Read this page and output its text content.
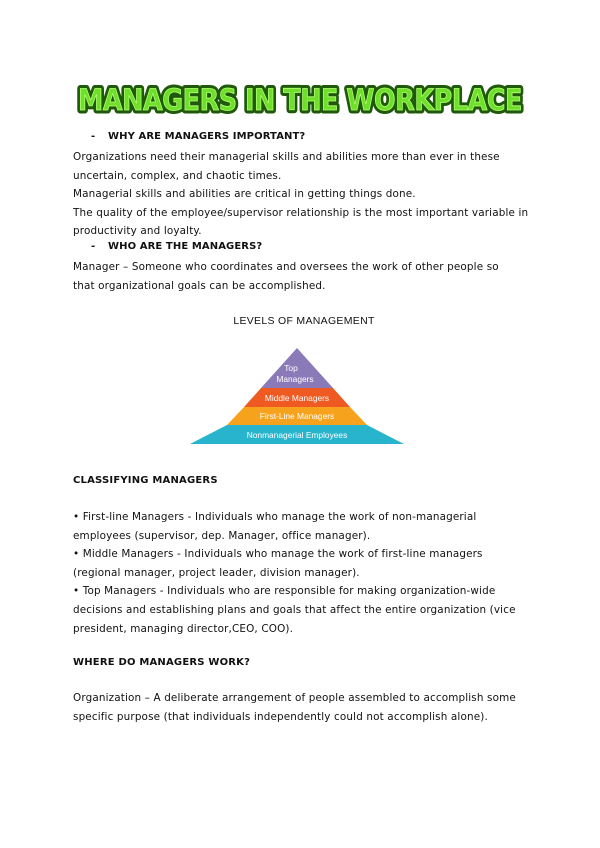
MANAGERS IN THE WORKPLACE
MANAGERS IN THE WORKPLACE
- WHY ARE MANAGERS IMPORTANT?
Organizations need their managerial skills and abilities more than ever in these
uncertain, complex, and chaotic times.
Managerial skills and abilities are critical in getting things done.
The quality of the employee/supervisor relationship is the most important variable in
productivity and loyalty.
- WHO ARE THE MANAGERS?
Manager – Someone who coordinates and oversees the work of other people so
that organizational goals can be accomplished.
LEVELS OF MANAGEMENT
Top
Managers
Middle Managers
First-Line Managers
Nonmanagerial Employees
CLASSIFYING MANAGERS
• First-line Managers - Individuals who manage the work of non-managerial
employees (supervisor, dep. Manager, office manager).
• Middle Managers - Individuals who manage the work of first-line managers
(regional manager, project leader, division manager).
• Top Managers - Individuals who are responsible for making organization-wide
decisions and establishing plans and goals that affect the entire organization (vice
president, managing director,CEO, COO).
WHERE DO MANAGERS WORK?
Organization – A deliberate arrangement of people assembled to accomplish some
specific purpose (that individuals independently could not accomplish alone).
